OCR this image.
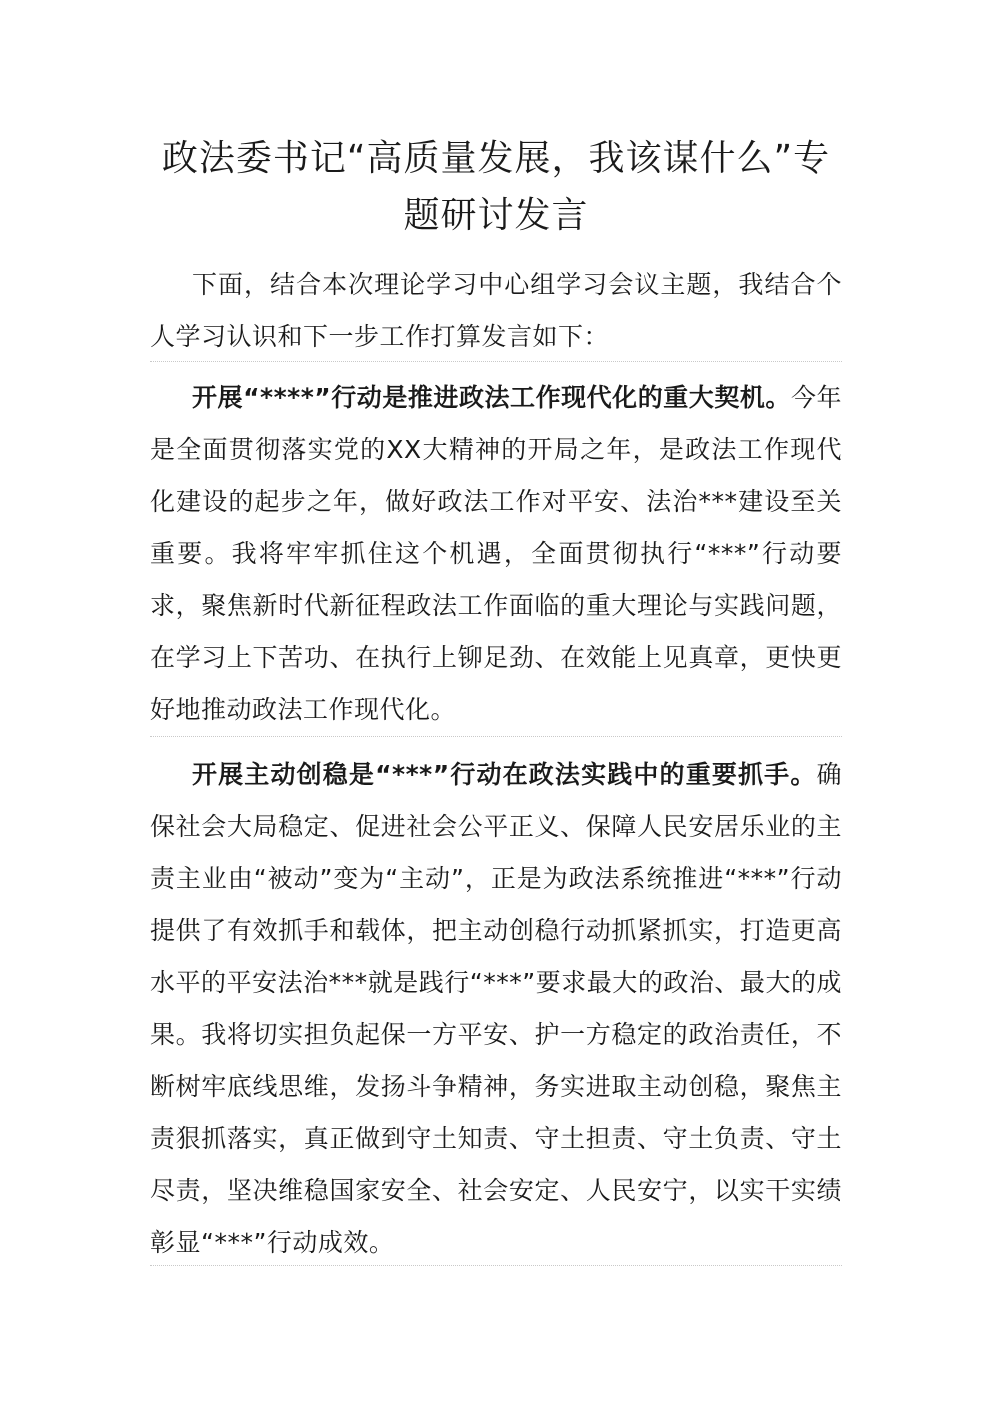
政法委书记“高质量发展，我该谋什么”专题研讨发言

下面，结合本次理论学习中心组学习会议主题，我结合个人学习认识和下一步工作打算发言如下：

开展“****”行动是推进政法工作现代化的重大契机。今年是全面贯彻落实党的XX大精神的开局之年，是政法工作现代化建设的起步之年，做好政法工作对平安、法治***建设至关重要。我将牢牢抓住这个机遇，全面贯彻执行“***”行动要求，聚焦新时代新征程政法工作面临的重大理论与实践问题，在学习上下苦功、在执行上铆足劲、在效能上见真章，更快更好地推动政法工作现代化。

开展主动创稳是“***”行动在政法实践中的重要抓手。确保社会大局稳定、促进社会公平正义、保障人民安居乐业的主责主业由“被动”变为“主动”，正是为政法系统推进“***”行动提供了有效抓手和载体，把主动创稳行动抓紧抓实，打造更高水平的平安法治***就是践行“***”要求最大的政治、最大的成果。我将切实担负起保一方平安、护一方稳定的政治责任，不断树牢底线思维，发扬斗争精神，务实进取主动创稳，聚焦主责狠抓落实，真正做到守土知责、守土担责、守土负责、守土尽责，坚决维稳国家安全、社会安定、人民安宁，以实干实绩彰显“***”行动成效。
